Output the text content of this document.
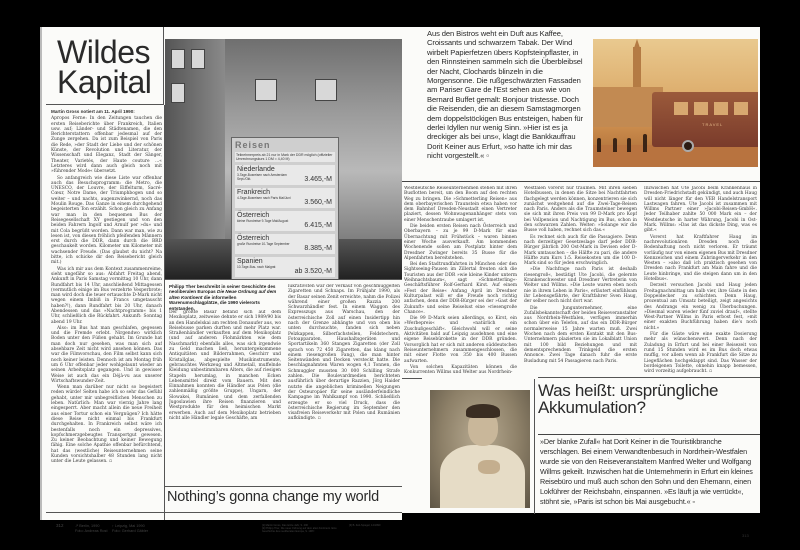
Wildes
Kapital
Reisen
Teilnehmerpreis ab 21 nur in Mark der DDR möglich (offizieller Umrechnungskurs 1 DM = 4,40 M)
Niederlande
3-Tage-Busreisen nach Amsterdam Sept./Okt.	3.465,-M
Frankreich
4-Tage-Busreisen nach Paris Mai/Juni
3.560,-M
Österreich
kleine Rundreise 9-Tage Mai/August
6.415,-M
Österreich
große Rundreise 10-Tage September
8.385,-M
Spanien
10-Tage-Bus- nach Malgrat
ab 3.520,-M
Martin Gross notiert am 11. April 1990:

Apropos Ferne: In den Zeitungen tauchen die ersten Reiseberichte über Frankreich, Italien usw. auf; Länder- und Städtenamen, die den Berichterstattern offenbar jedesmal auf der Zunge zergehen. Da ist zum Beispiel von Paris die Rede, »der Stadt der Liebe und der schönen Künste, der Revolution und Literatur, der Wissenschaft und Eleganz, Stadt der Sänger, Theater, Varietés, der Haute couture ...« Letzteres wird dann auch gleich noch mit »führender Mode« übersetzt.

So anfangreich wie diese Liste war offenbar auch das Besuchsprogramm: die Metro, die UNESCO, der Louvre, der Eiffelturm, Sacré-Cœur, Notre Dame, der Triumphbogen und so weiter – und nachts, augenzwinkernd, noch das Moulin Rouge. Das Ganze in einem durchgehend begeisterten Ton erzählt. Schon gleich zu Anfang war man in den bequemen Bus der Reisegesellschaft XY gestiegen und von den beiden Fahrern Ingolf und Arnulf per »du« und mit Cola begrüßt worden. Dann war man, wie zu lesen ist, von diesen fröhlich pfeifenden Männern erst durch die DDR, dann durch die BRD geschaukelt worden. Kilometer um Kilometer mit wachsender Freude. (Das glaubst du nicht? Na bitte, ich schicke dir den Reisebericht gleich mit.)

Was ich mir aus dem Kontext zusammenreime, sieht ungefähr so aus: Abfahrt Freitag abend, Ankunft in Paris Samstag vormittag 10 Uhr, dann Rundfahrt bis 14 Uhr, anschließend Mittagessen (vermutlich einige im Bus verzehrte Vesperbrote; man wird doch die teuer ertauschte D-Mark nicht wegen einem Imbiß in Francs umgetauscht haben?!), dann Rundfahrt bis 20 Uhr, danach Abendessen und das »Nachtprogramm« bis 1 Uhr, schließlich die Rückfahrt. Ankunft: Sonntag abend 19 Uhr.

Also: im Bus hat man geschlafen, gegessen und die Fremde erlebt. Nirgendwo wirklich Boden unter den Füßen gehabt. Im Grunde hat man doch nur gesehen, was man sich auf absehbare Zeit nicht wird ansehen können. Das war die Filmvorschau, den Film selbst kann sich noch keiner leisten. Dennoch ist am Montag früh um 6 Uhr offenbar jeder wohlgelaunt wieder an seinen Arbeitsplatz gegangen. Und in gewisser Weise ist auch das ein Déjà-vu aus unserer Wirtschaftswunder-Zeit.

Wenn man darüber nur nicht so begeistert reden würde! Selten habe ich so sehr das Gefühl gehabt, unter mir unbegreiflichen Menschen zu leben. Natürlich: Man war vierzig Jahre lang eingesperrt. Aber macht allein die neue Freiheit aus einer Tortur schon ein Vergnügen? Ich hätte diese Reise nicht einmal bis Frankfurt durchgehalten. In Frankreich selbst wäre ich bestenfalls noch ein depressives, kopfschmerzgebeugtes Transportgut gewesen. Zu keiner Beobachtung und keiner Bewegung fähig. Eine solche Apathie offenbar befürchtend, hat das (westliche) Reiseunternehmen seine Kunden vorsichtshalber 48 Stunden lang nicht unter die Leute gelassen. ▫

Philipp Ther beschreibt in seiner Geschichte des neoliberalen Europas Die Neue Ordnung auf dem alten Kontinent die informellen Warenumschlagplätze, die 1990 vielerorts entstanden.

Der größte Basar befand sich auf dem Mexikoplatz, zeitweise dehnte er sich 1989/90 bis an den Handelskai am rechten Donauufer aus, wo Reisebusse parken durften und mehr Platz war. Straßenhändler verkauften auf dem Mexikoplatz (und auf anderen Flohmärkten wie dem Naschmarkt) ebenfalls alles, was sich irgendwie zu Geld machen ließ, heruntergekommene Antiquitäten und Bilderrahmen, Geschirr und Kristallglas, abgespielte Musikinstrumente, gebrauchtes Werkzeug und Altmetall, muffelnde Kleidung unbestimmbaren Alters, die auf riesigen Stapeln herumlag, in manchen Ecken Lebensmittel direkt vom Bauern. Mit den Einnahmen konnten die Händler aus Polen (die zahlenmäßig größte Gruppe), Ungarn, der Slowakei, Rumänien und dem zerfallenden Jugoslawien ihre Reisen finanzieren und Westprodukte für den heimischen Markt erwerben. Auch auf dem Mexikoplatz betrieben nicht alle Händler legale Geschäfte, am

lukrativsten war der Verkauf von geschmuggelten Zigaretten und Schnaps. Im Frühjahr 1990, als der Basar seinen Zenit erreichte, nahm die Polizei während einer großen Razzia 200 Schwarzhändler fest. In einem Waggon des Expresszugs aus Warschau, den der österreichische Zoll auf einen Insidertipp hin nach der Grenze abhängte und von oben bis unten durchsuchte, fanden sich neben Pelzkappen, Silberfachsteilen, Feldstechern, Fotoapparaten, Haushaltsgeräten und Sportartikeln 360 Stangen Zigaretten (der Zoll sprach von 72 450 Zigaretten, das klang nach einem riesengroßen Fang), die man hinter Seitenwänden und Decken versteckt hatte. Die beschlagnahmten Waren wogen 4,1 Tonnen, die Schmuggler mussten 30 000 Schilling Strafe zahlen. Die Boulevardmedien berichteten ausführlich über derartige Razzien, Jörg Haider nutzte die angeblichen kriminellen Neigungen der Osteuropäer für seine ausländerfeindliche Kampagne im Wahlkampf von 1990. Schließlich erzeugte er so viel Druck, dass die österreichische Regierung im September den visafreien Reiseverkehr mit Polen und Rumänien aufkündigte. ▫

Nothing’s gonna change my world
312	↗ Berlin, 1990
Foto: Andreas Rost
↑ Leipzig, Mai 1990
Foto: Gerhard Gäbler
[1] Martin Gross, Das letzte Jahr, S. 290
[2] Philipp Ther, Die neue Ordnung auf dem alten Kontinent. Eine Geschichte des neoliberalen Europa, S. 198 f.
[3] B. Zeit-Spiegel, 14/1990
Aus den Bistros weht ein Duft aus Kaffee, Croissants und schwarzem Tabak. Der Wind wirbelt Papierfetzen übers Kopfsteinpflaster, in den Rinnsteinen sammeln sich die Überbleibsel der Nacht, Clochards blinzeln in die Morgensonne. Die rußgeschwärzten Fassaden am Pariser Gare de l’Est sehen aus wie von Bernard Buffet gemalt: Bonjour tristesse. Doch die Reisenden, die an diesem Samstagmorgen dem doppelstöckigen Bus entsteigen, haben für derlei Idyllen nur wenig Sinn. »Hier ist es ja dreckiger als bei uns«, klagt die Bankkauffrau Dorit Keiner aus Erfurt, »so hatte ich mir das nicht vorgestellt.« ▫
TRAVEL

Westdeutsche Reiseunternehmen stehen mit ihren Busflotten bereit, um den Boom auf den rechten Weg zu bringen. Die »Schmetterling Reisen« aus dem oberbayerischen Traunstein etwa haben vor dem Bahnhof Dresden-Neustadt einen Vertreter plaziert, dessen Wohnwagenanhänger stets von einer Menschentraube umlagert ist.

Die beiden ersten Reisen nach Österreich und Oberbayern – zu je 99 D-Mark für eine Übernachtung mit Frühstück – waren binnen einer Woche ausverkauft. Am kommenden Wochenende sollen am Postplatz hinter dem Dresdner Zwinger bereits 35 Busse für die Alpenfahrten bereitstehen.

Bei den Stadtrundfahrten in München oder den Sightseeing-Pausen im Zillertal freuten sich die Touristen aus der DDR »wie kleine Kinder unterm Weihnachtsbaum«, sagt »Schmetterling«-Geschäftsführer Rolf-Gerhard Kirst. Auf einem »Fest der Reise« Anfang April im Dresdner Kulturpalast will er die Freude noch richtig anfachen, denn der DDR-Bürger sei der »Gast der Zukunft« und seine Reiselust eine »riesengroße Chance«.

Die 99 D-Mark seien allerdings, so Kirst, ein »Werbepreis« und »natürlich ein Zuschußgeschäft«. Gleichwohl will er seine Aktivitäten bald auf Leipzig ausdehnen und eine eigene Reisebürokette in der DDR gründen. Vorsorglich hat er sich mit anderen süddeutschen Reiseunternehmern zusammengeschlossen, die mit einer Flotte von 350 bis 400 Bussen aufwarten.

Von solchen Kapazitäten können die Konkurrenten Willms und Welter aus Nordrhein-

Westfalen vorerst nur träumen. Mit ihren sieben Hotelbussen, in denen die Sitze bei Nachtfahrten flachgelegt werden können, konzentrieren sie sich zunächst weitgehend auf die Zwei-Tage-Reisen nach Paris. Anders als die Traumsteiner bewegen sie sich mit ihren Preis von 99 D-Mark pro Kopf bei Vollpension und Nachtigung im Bus, schon in den schwarzen Zahlen. Welter: »Solange wir die Busse voll haben, rechnet sich das.«

Es rechnet sich auch für die Passagiere. Denn nach derzeitiger Gesetzeslage darf jeder DDR-Bürger jährlich 200 Ost-Mark in Devisen oder D-Mark umtauschen – die Hälfte zu pari, die andere Hälfte zum Kurs 1:5. Reisekosten um die 100 D-Mark sind so für jeden erschwinglich.

»Die Nachfrage nach Paris ist deshalb riesengroß«, bestätigt Ute Jacobi, die gelernte Krankenschwester und Dresdner Vertreterin von Welter und Willms. »Die Leute waren eben noch nie in ihrem Leben in Paris«, erläutert einfühlsam ihr Lebensgefährte, der Kraftfahrer Sven Haug, der selber noch nicht dort war.

Die Jungunternehmer, eine Zufallsbekanntschaft der beiden Reiseveranstalter aus Nordrhein-Westfalen, verfügen immerhin schon über ein Telefon, auf das ein DDR-Bürger normalerweise 15 Jahre warten muß. Zwei Wochen nach dem ersten Kontakt mit den Bus-Unternehmern plazierten sie im Lokalblatt Union mit 100 bild Beziehungen und mit dementsprechendem Trinkgeld die ersten Annonce. Zwei Tage danach fuhr die erste Busladung mit 54 Passagieren nach Paris.

Inzwischen hat Ute Jacobi beim Krankenhaus in Dresden-Friedrichstadt gekündigt, und auch Haug will nicht länger für den VEB Handelstransport Lastwagen fahren. Ute Jacobi ist zusammen mit Willms Partner einer »Jacobi-Reisen-GmbH«. Jeder Teilhaber zahlte 50 000 Mark ein – der Westdeutsche in harter Währung, Jacobi in Ost-Mark. Willms: »Das ist das dickste Ding, was es gibt.«

Vorerst hat Kraftfahrer Haug im nachrevolutionären Dresden noch die Bodenhaftung noch nicht verloren. Er träumt vorläufig nur von einem eigenen Bus mit Dresdner Kennzeichen und einem Zubringerverkehr in den Westen – »also daß ich praktisch gesehen von Dresden nach Frankfurt am Main fahre und die Leute hinbringe, und die steigen dann um in den Hotelbus«.

Derzeit versuchen Jacobi und Haug jeden Freitagnachmittag um halb vier, ihre Gäste in den Doppeldecker zu schichten. Denn Haug, prozentual am Umsatz beteiligt, zeigt angesichts des Andrangs ein wenig zu Überbuchungen. »Diesmal waren wieder fünf zuviel drauf«, stellte West-Partner Willms in Paris erbost fest, »mit einer exakten Buchführung haben die’s noch nicht.«

Für die Gäste wäre eine exakte Dosierung mehr als wünschenswert. Denn nach der Zuladung in Erfurt und bei einer Reisezeit von rund 15 Stunden wird es im Bus doch etwas muffig, vor allem wenn ab Frankfurt die Sitze zu Liegeflächen hochgeklappt sind. Das Wasser der bordeigenen Toilette, ohnehin knapp bemessen, wird vorzeitig aufgebraucht. ▫

Was heißt: ursprüngliche Akkumulation?
»Der blanke Zufall« hat Dorit Keiner in die Touristikbranche verschlagen. Bei einem Verwandtenbesuch in Nordrhein-Westfalen wurde sie von den Reiseveranstaltern Manfred Welter und Wolfgang Willms gekeilt. Inzwischen hat die Unternehmerin in Erfurt ein kleines Reisebüro und muß auch schon den Sohn und den Ehemann, einen Lokführer der Reichsbahn, einspannen. »Es läuft ja wie verrückt«, stöhnt sie, »Paris ist schon bis Mai ausgebucht.« ▫
313
